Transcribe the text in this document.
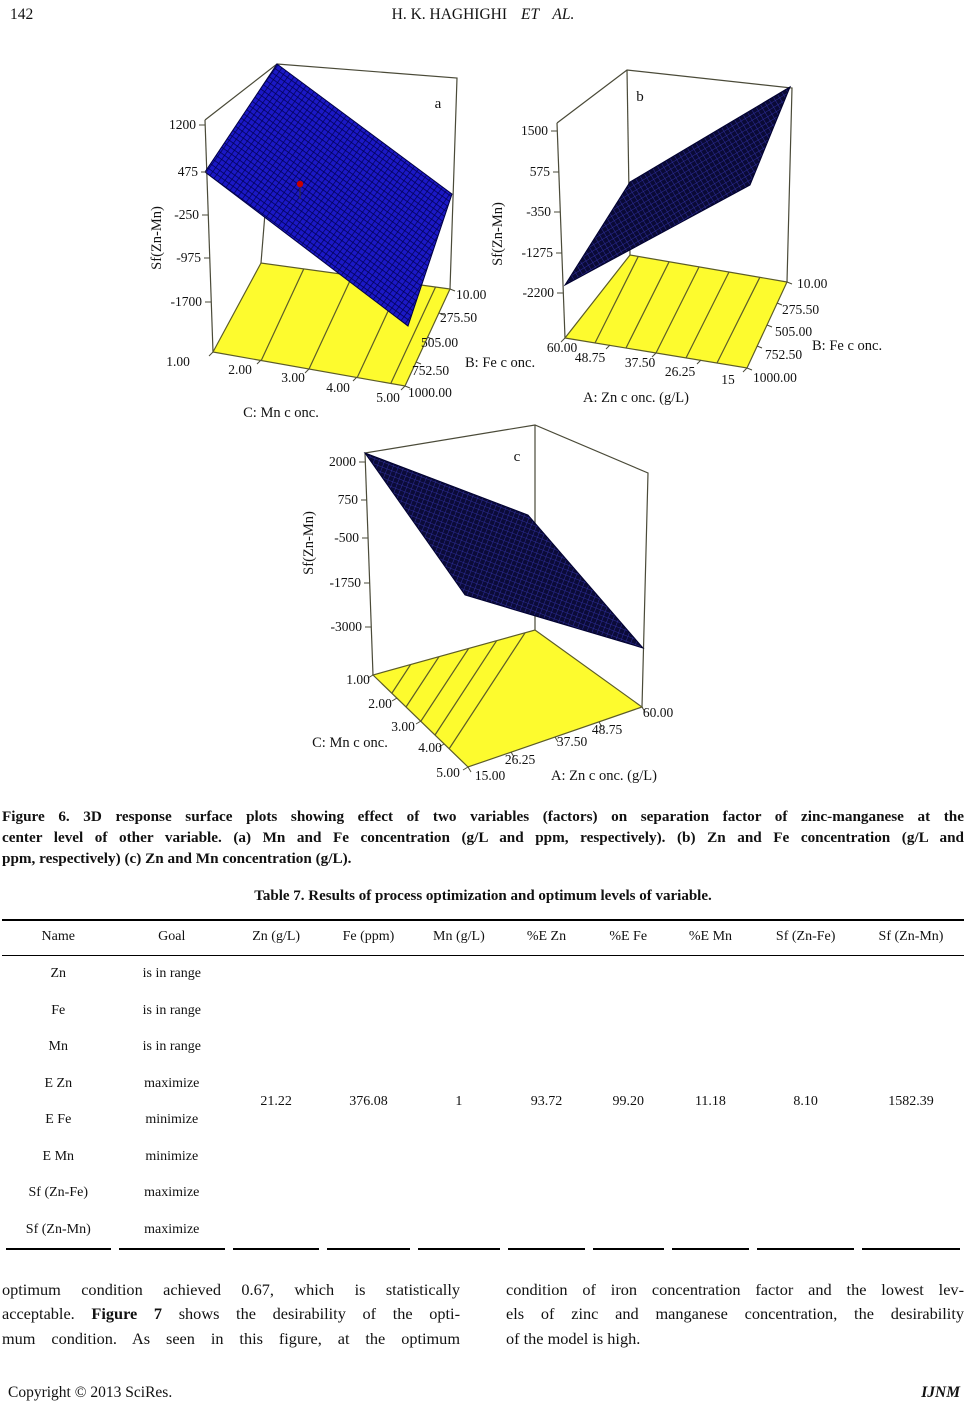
142	H. K. HAGHIGHI ET AL.
a
1200
475
-250
-975
-1700
Sf(Zn-Mn)
1.00
2.00
3.00
4.00
5.00
C: Mn c onc.
10.00
275.50
505.00
752.50
1000.00
B: Fe c onc.
b
1500
575
-350
-1275
-2200
Sf(Zn-Mn)
60.00
48.75 37.50
26.25
15
A: Zn c onc. (g/L)
10.00
275.50
505.00
752.50
1000.00
B: Fe c onc.
c
2000
750
-500
-1750
-3000
Sf(Zn-Mn)
1.00
2.00
3.00
4.00
5.00
C: Mn c onc.
15.00
26.25
37.50
48.75
60.00
A: Zn c onc. (g/L)
Figure 6. 3D response surface plots showing effect of two variables (factors) on separation factor of zinc-manganese at the
center level of other variable. (a) Mn and Fe concentration (g/L and ppm, respectively). (b) Zn and Fe concentration (g/L and
ppm, respectively) (c) Zn and Mn concentration (g/L).
Table 7. Results of process optimization and optimum levels of variable.
Name	Goal	Zn (g/L)	Fe (ppm)	Mn (g/L)	%E Zn	%E Fe	%E Mn	Sf (Zn-Fe)	Sf (Zn-Mn)
Zn	is in range
21.22	376.08	1	93.72	99.20	11.18	8.10	1582.39
Fe	is in range
Mn	is in range
E Zn	maximize
E Fe	minimize
E Mn	minimize
Sf (Zn-Fe)	maximize
Sf (Zn-Mn)	maximize
optimum condition achieved 0.67, which is statistically
acceptable. Figure 7 shows the desirability of the opti-
mum condition. As seen in this figure, at the optimum
condition of iron concentration factor and the lowest lev-
els of zinc and manganese concentration, the desirability
of the model is high.
Copyright © 2013 SciRes.	IJNM
